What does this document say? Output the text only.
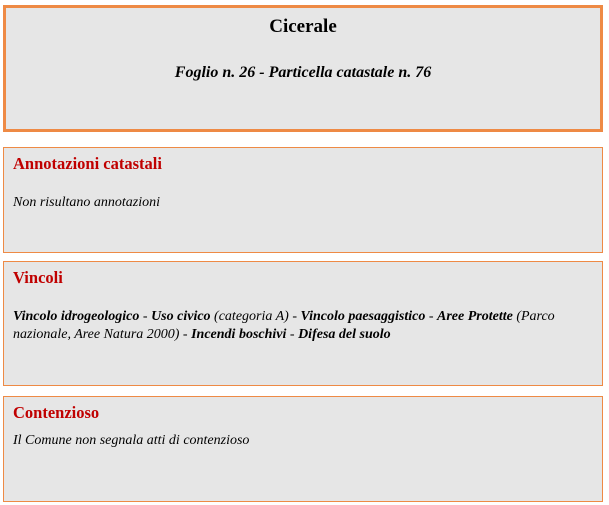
Cicerale
Foglio n. 26 - Particella catastale n. 76
Annotazioni catastali
Non risultano annotazioni
Vincoli
Vincolo idrogeologico - Uso civico (categoria A) - Vincolo paesaggistico - Aree Protette (Parco nazionale, Aree Natura 2000) - Incendi boschivi - Difesa del suolo
Contenzioso
Il Comune non segnala atti di contenzioso
